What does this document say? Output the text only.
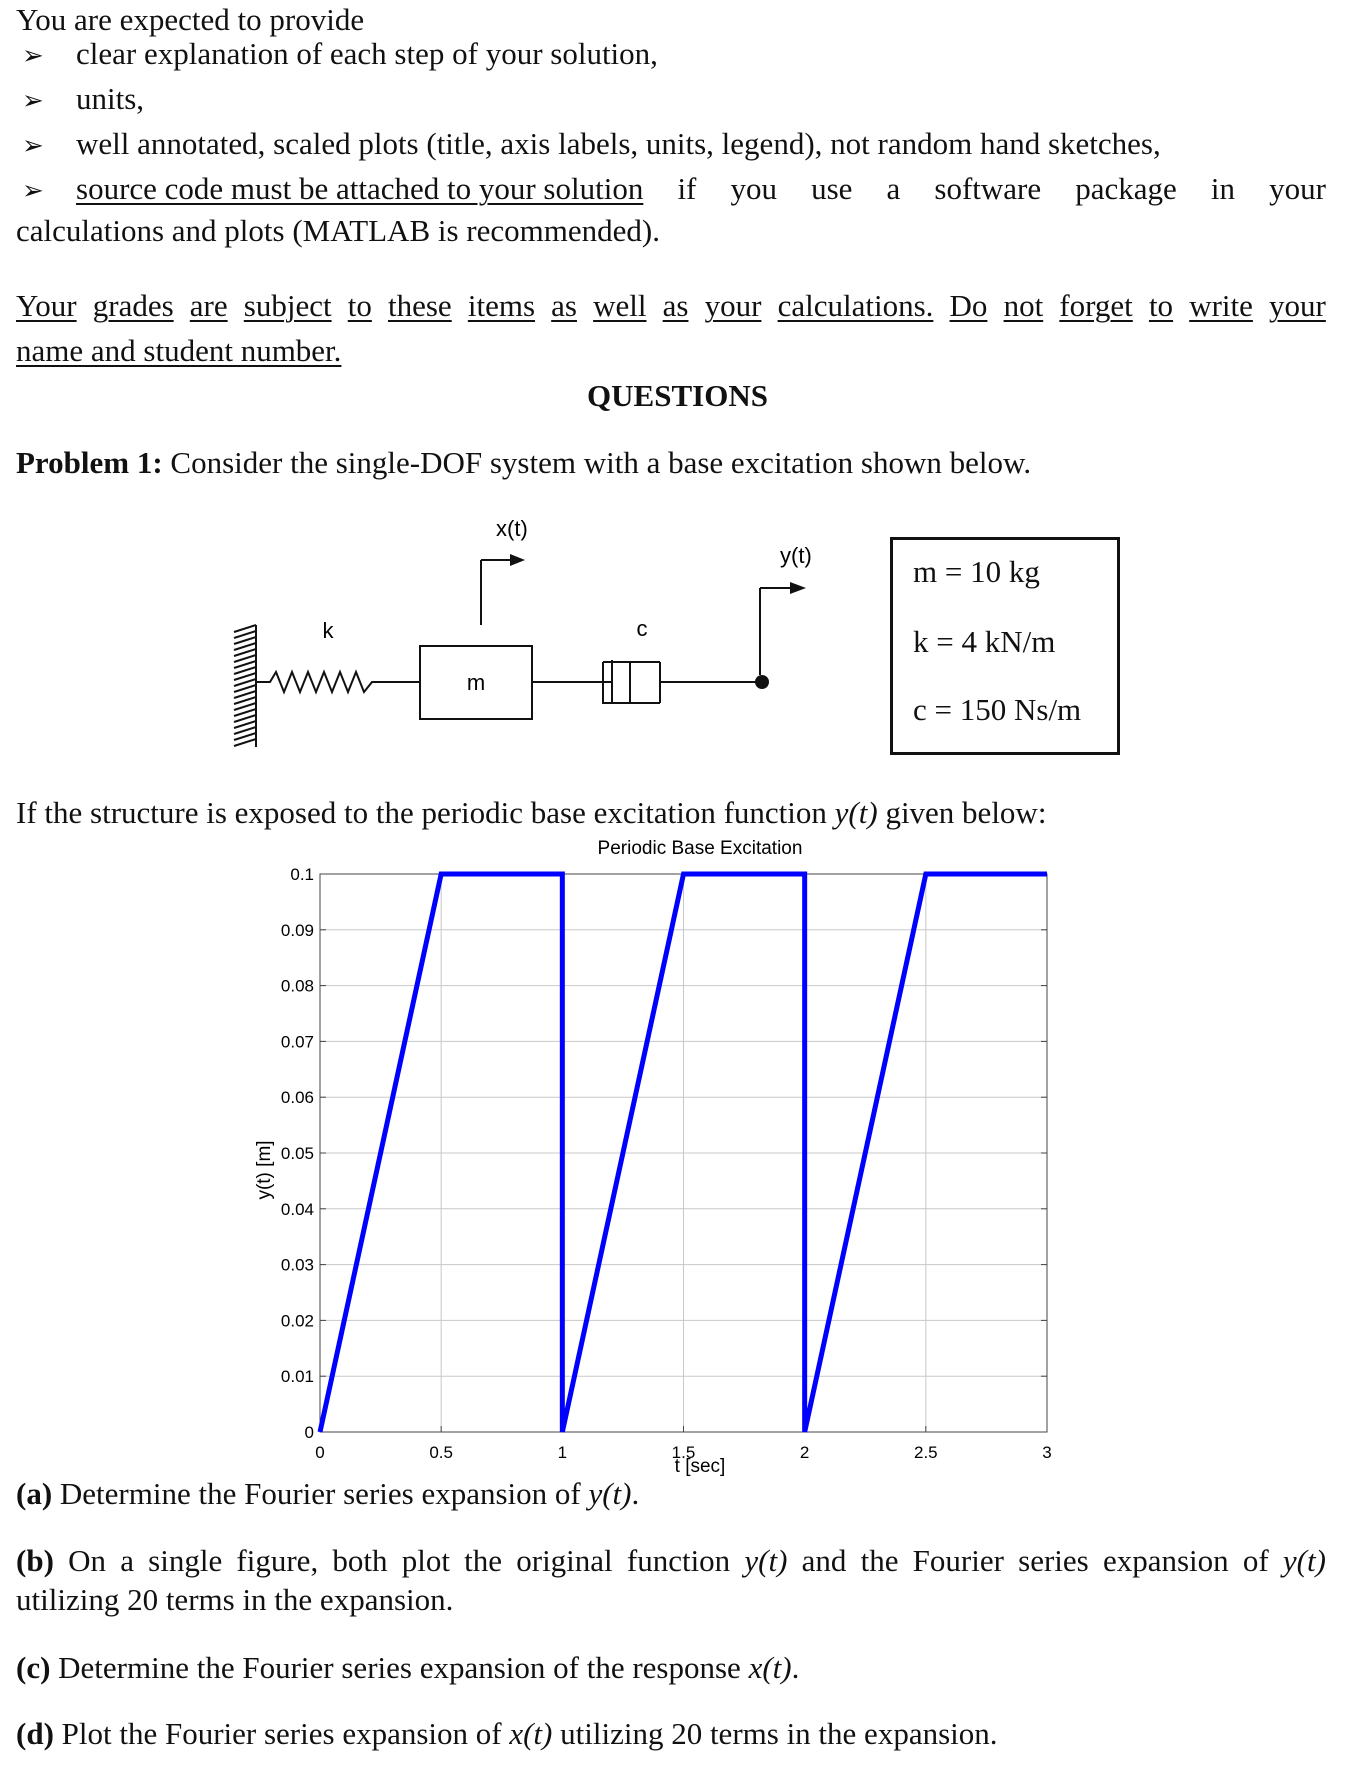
You are expected to provide
➢ clear explanation of each step of your solution,
➢ units,
➢ well annotated, scaled plots (title, axis labels, units, legend), not random hand sketches,
➢ source code must be attached to your solution if you use a software package in your
calculations and plots (MATLAB is recommended).
Your grades are subject to these items as well as your calculations. Do not forget to write your
name and student number.
QUESTIONS
Problem 1: Consider the single-DOF system with a base excitation shown below.
k
m
x(t)
c
y(t)	m = 10 kg
k = 4 kN/m
c = 150 Ns/m
If the structure is exposed to the periodic base excitation function y(t) given below:
Periodic Base Excitation
t [sec]
y(t) [m]
0
0.01
0.02
0.03
0.04
0.05
0.06
0.07
0.08
0.09
0.1
0	0.5	1	1.5	2	2.5	3
(a) Determine the Fourier series expansion of y(t).
(b) On a single figure, both plot the original function y(t) and the Fourier series expansion of y(t)
utilizing 20 terms in the expansion.
(c) Determine the Fourier series expansion of the response x(t).
(d) Plot the Fourier series expansion of x(t) utilizing 20 terms in the expansion.
